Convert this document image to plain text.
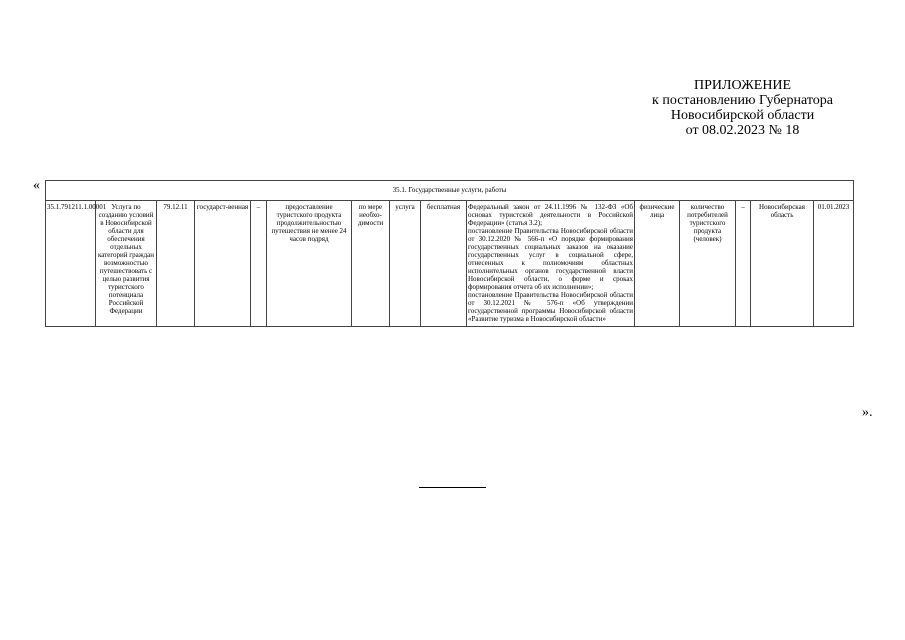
ПРИЛОЖЕНИЕ
к постановлению Губернатора
Новосибирской области
от 08.02.2023 № 18
«	35.1. Государственные услуги, работы
35.1.791211.1.00001	Услуга по созданию условий в Новосибирской области для обеспечения отдельных категорий граждан возможностью путешествовать с целью развития туристского потенциала Российской Федерации	79.12.11	государст-венная	–	предоставление туристского продукта продолжительностью путешествия не менее 24 часов подряд	по мере необхо-димости	услуга	бесплатная	Федеральный закон от 24.11.1996 № 132-ФЗ «Об основах туристской деятельности в Российской Федерации» (статья 3.2);
постановление Правительства Новосибирской области от 30.12.2020 № 566-п «О порядке формирования государственных социальных заказов на оказание государственных услуг в социальной сфере, отнесенных к полномочиям областных исполнительных органов государственной власти Новосибирской области, о форме и сроках формирования отчета об их исполнении»;
постановление Правительства Новосибирской области от 30.12.2021 № 576-п «Об утверждении государственной программы Новосибирской области «Развитие туризма в Новосибирской области»
	физические лица	количество потребителей туристского продукта (человек)	–	Новосибирская область	01.01.2023
».
